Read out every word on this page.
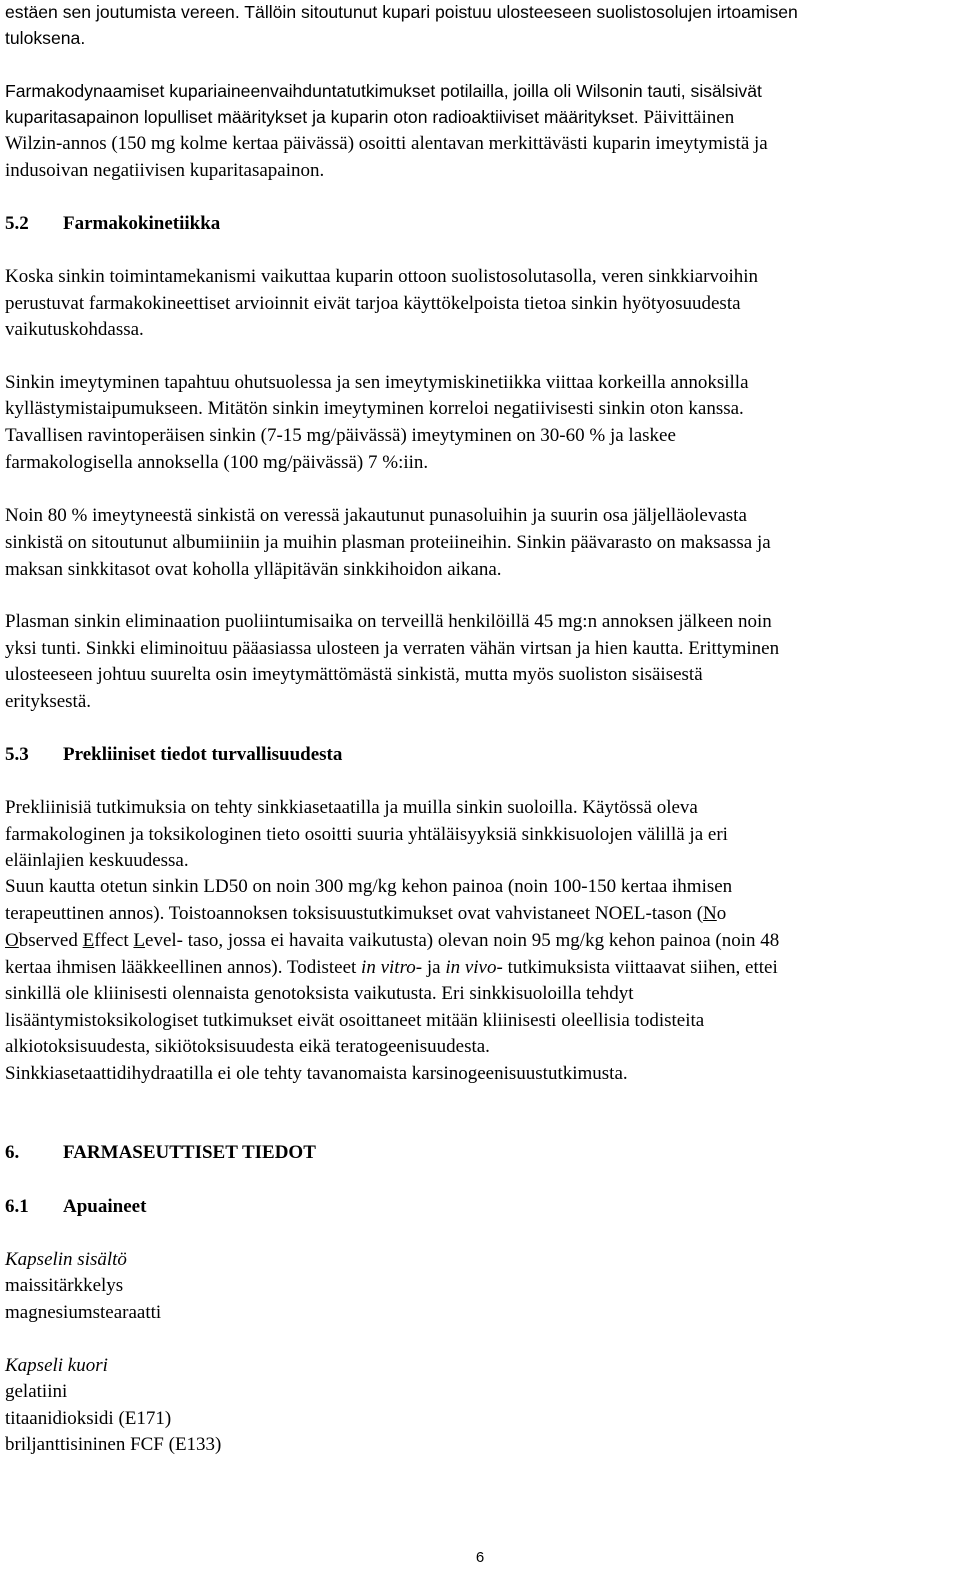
estäen sen joutumista vereen. Tällöin sitoutunut kupari poistuu ulosteeseen suolistosolujen irtoamisen

tuloksena.

Farmakodynaamiset kupariaineenvaihduntatutkimukset potilailla, joilla oli Wilsonin tauti, sisälsivät

kuparitasapainon lopulliset määritykset ja kuparin oton radioaktiiviset määritykset. Päivittäinen

Wilzin-annos (150 mg kolme kertaa päivässä) osoitti alentavan merkittävästi kuparin imeytymistä ja

indusoivan negatiivisen kuparitasapainon.

5.2 Farmakokinetiikka

Koska sinkin toimintamekanismi vaikuttaa kuparin ottoon suolistosolutasolla, veren sinkkiarvoihin

perustuvat farmakokineettiset arvioinnit eivät tarjoa käyttökelpoista tietoa sinkin hyötyosuudesta

vaikutuskohdassa.

Sinkin imeytyminen tapahtuu ohutsuolessa ja sen imeytymiskinetiikka viittaa korkeilla annoksilla

kyllästymistaipumukseen. Mitätön sinkin imeytyminen korreloi negatiivisesti sinkin oton kanssa.

Tavallisen ravintoperäisen sinkin (7-15 mg/päivässä) imeytyminen on 30-60 % ja laskee

farmakologisella annoksella (100 mg/päivässä) 7 %:iin.

Noin 80 % imeytyneestä sinkistä on veressä jakautunut punasoluihin ja suurin osa jäljelläolevasta

sinkistä on sitoutunut albumiiniin ja muihin plasman proteiineihin. Sinkin päävarasto on maksassa ja

maksan sinkkitasot ovat koholla ylläpitävän sinkkihoidon aikana.

Plasman sinkin eliminaation puoliintumisaika on terveillä henkilöillä 45 mg:n annoksen jälkeen noin

yksi tunti. Sinkki eliminoituu pääasiassa ulosteen ja verraten vähän virtsan ja hien kautta. Erittyminen

ulosteeseen johtuu suurelta osin imeytymättömästä sinkistä, mutta myös suoliston sisäisestä

erityksestä.

5.3 Prekliiniset tiedot turvallisuudesta

Prekliinisiä tutkimuksia on tehty sinkkiasetaatilla ja muilla sinkin suoloilla. Käytössä oleva

farmakologinen ja toksikologinen tieto osoitti suuria yhtäläisyyksiä sinkkisuolojen välillä ja eri

eläinlajien keskuudessa.

Suun kautta otetun sinkin LD50 on noin 300 mg/kg kehon painoa (noin 100-150 kertaa ihmisen

terapeuttinen annos). Toistoannoksen toksisuustutkimukset ovat vahvistaneet NOEL-tason (No

Observed Effect Level- taso, jossa ei havaita vaikutusta) olevan noin 95 mg/kg kehon painoa (noin 48

kertaa ihmisen lääkkeellinen annos). Todisteet in vitro- ja in vivo- tutkimuksista viittaavat siihen, ettei

sinkillä ole kliinisesti olennaista genotoksista vaikutusta. Eri sinkkisuoloilla tehdyt

lisääntymistoksikologiset tutkimukset eivät osoittaneet mitään kliinisesti oleellisia todisteita

alkiotoksisuudesta, sikiötoksisuudesta eikä teratogeenisuudesta.

Sinkkiasetaattidihydraatilla ei ole tehty tavanomaista karsinogeenisuustutkimusta.

6. FARMASEUTTISET TIEDOT

6.1 Apuaineet

Kapselin sisältö

maissitärkkelys

magnesiumstearaatti

Kapseli kuori

gelatiini

titaanidioksidi (E171)

briljanttisininen FCF (E133)

6
